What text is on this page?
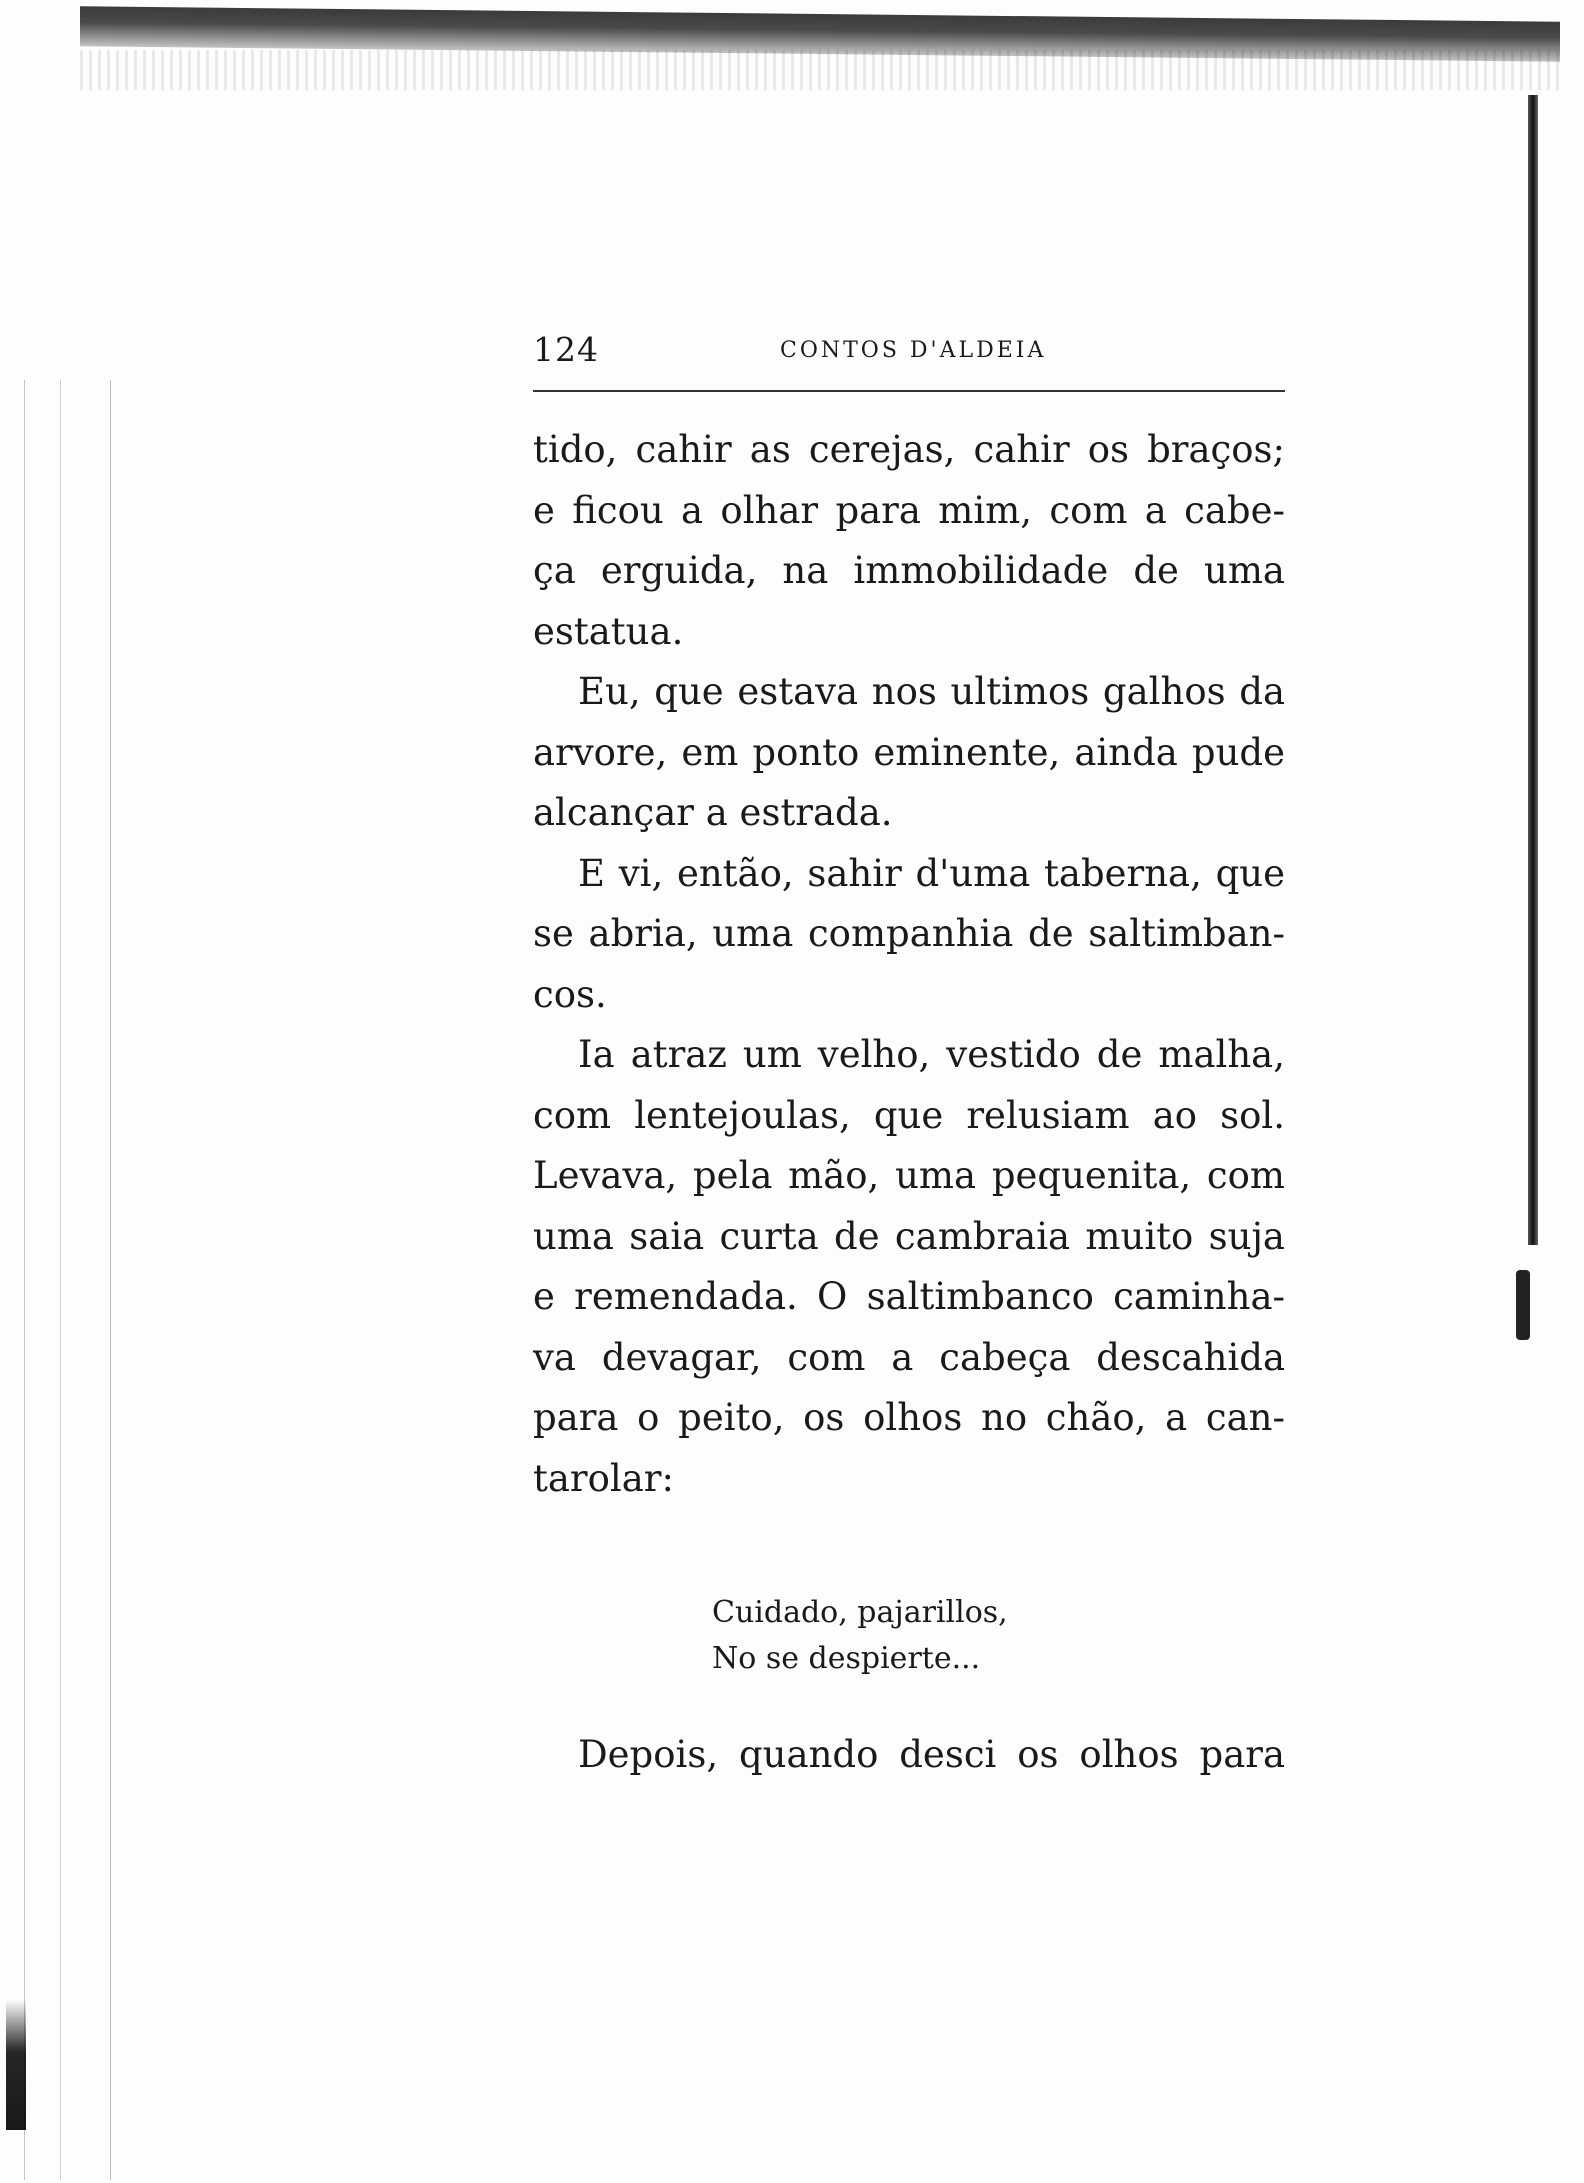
124	CONTOS D'ALDEIA
tido, cahir as cerejas, cahir os braços;
e ficou a olhar para mim, com a cabe-
ça erguida, na immobilidade de uma
estatua.
Eu, que estava nos ultimos galhos da
arvore, em ponto eminente, ainda pude
alcançar a estrada.
E vi, então, sahir d'uma taberna, que
se abria, uma companhia de saltimban-
cos.
Ia atraz um velho, vestido de malha,
com lentejoulas, que relusiam ao sol.
Levava, pela mão, uma pequenita, com
uma saia curta de cambraia muito suja
e remendada. O saltimbanco caminha-
va devagar, com a cabeça descahida
para o peito, os olhos no chão, a can-
tarolar:
Cuidado, pajarillos,
No se despierte...
Depois, quando desci os olhos para
